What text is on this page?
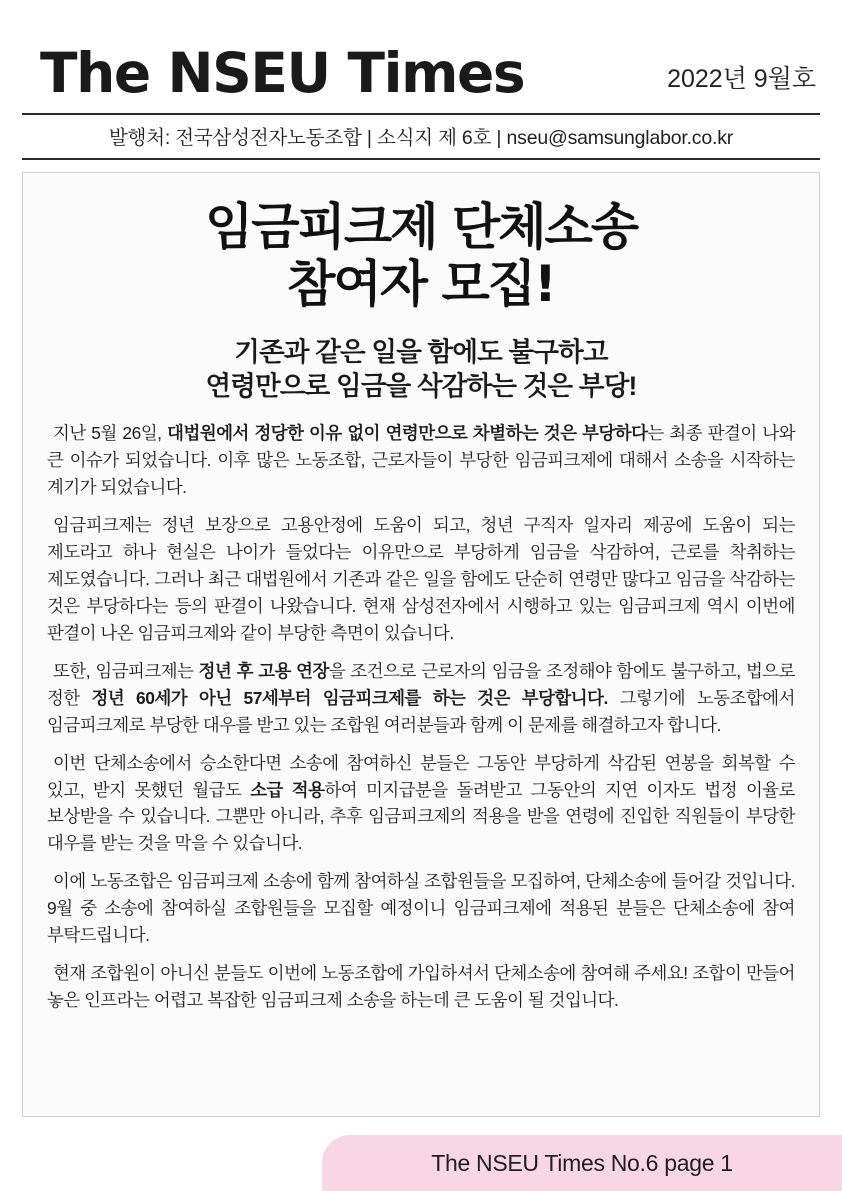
The NSEU Times	2022년 9월호
발행처: 전국삼성전자노동조합 | 소식지 제 6호 | nseu@samsunglabor.co.kr
임금피크제 단체소송
참여자 모집!
기존과 같은 일을 함에도 불구하고
연령만으로 임금을 삭감하는 것은 부당!
지난 5월 26일, 대법원에서 정당한 이유 없이 연령만으로 차별하는 것은 부당하다는 최종 판결이 나와 큰 이슈가 되었습니다. 이후 많은 노동조합, 근로자들이 부당한 임금피크제에 대해서 소송을 시작하는 계기가 되었습니다.
임금피크제는 정년 보장으로 고용안정에 도움이 되고, 청년 구직자 일자리 제공에 도움이 되는 제도라고 하나 현실은 나이가 들었다는 이유만으로 부당하게 임금을 삭감하여, 근로를 착취하는 제도였습니다. 그러나 최근 대법원에서 기존과 같은 일을 함에도 단순히 연령만 많다고 임금을 삭감하는 것은 부당하다는 등의 판결이 나왔습니다. 현재 삼성전자에서 시행하고 있는 임금피크제 역시 이번에 판결이 나온 임금피크제와 같이 부당한 측면이 있습니다.
또한, 임금피크제는 정년 후 고용 연장을 조건으로 근로자의 임금을 조정해야 함에도 불구하고, 법으로 정한 정년 60세가 아닌 57세부터 임금피크제를 하는 것은 부당합니다. 그렇기에 노동조합에서 임금피크제로 부당한 대우를 받고 있는 조합원 여러분들과 함께 이 문제를 해결하고자 합니다.
이번 단체소송에서 승소한다면 소송에 참여하신 분들은 그동안 부당하게 삭감된 연봉을 회복할 수 있고, 받지 못했던 월급도 소급 적용하여 미지급분을 돌려받고 그동안의 지연 이자도 법정 이율로 보상받을 수 있습니다. 그뿐만 아니라, 추후 임금피크제의 적용을 받을 연령에 진입한 직원들이 부당한 대우를 받는 것을 막을 수 있습니다.
이에 노동조합은 임금피크제 소송에 함께 참여하실 조합원들을 모집하여, 단체소송에 들어갈 것입니다. 9월 중 소송에 참여하실 조합원들을 모집할 예정이니 임금피크제에 적용된 분들은 단체소송에 참여 부탁드립니다.
현재 조합원이 아니신 분들도 이번에 노동조합에 가입하셔서 단체소송에 참여해 주세요! 조합이 만들어 놓은 인프라는 어렵고 복잡한 임금피크제 소송을 하는데 큰 도움이 될 것입니다.
The NSEU Times No.6 page 1
